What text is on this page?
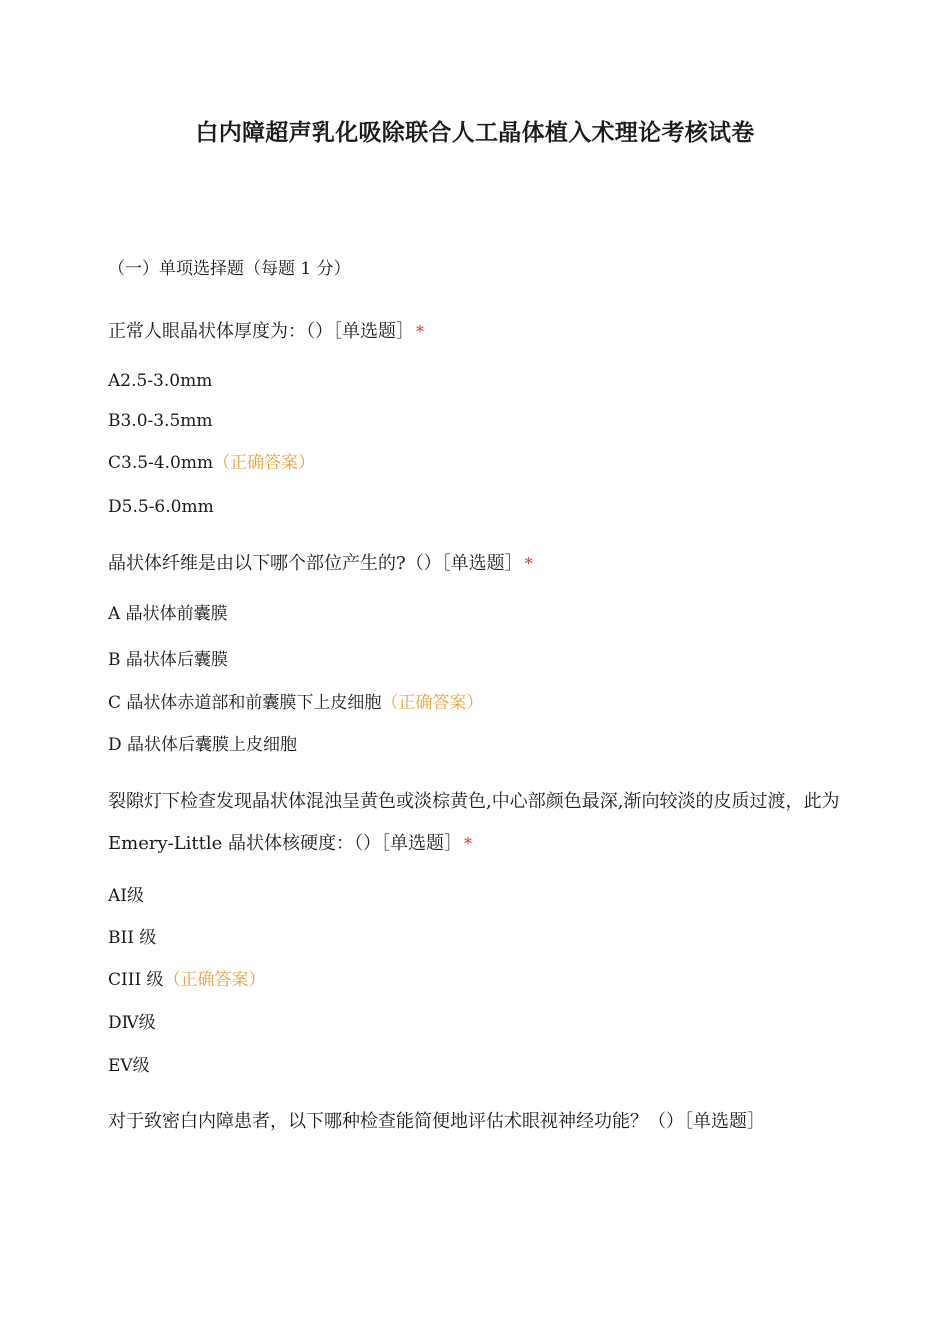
白内障超声乳化吸除联合人工晶体植入术理论考核试卷
（一）单项选择题（每题 1 分）
正常人眼晶状体厚度为：（）［单选题］ *
A2.5-3.0mm
B3.0-3.5mm
C3.5-4.0mm（正确答案）
D5.5-6.0mm
晶状体纤维是由以下哪个部位产生的?（）［单选题］ *
A 晶状体前囊膜
B 晶状体后囊膜
C 晶状体赤道部和前囊膜下上皮细胞（正确答案）
D 晶状体后囊膜上皮细胞
裂隙灯下检查发现晶状体混浊呈黄色或淡棕黄色,中心部颜色最深,渐向较淡的皮质过渡，此为 Emery-Little 晶状体核硬度：（）［单选题］ *
AⅠ级
BII 级
CIII 级（正确答案）
DⅣ级
EⅤ级
对于致密白内障患者，以下哪种检查能简便地评估术眼视神经功能？（）［单选题］
